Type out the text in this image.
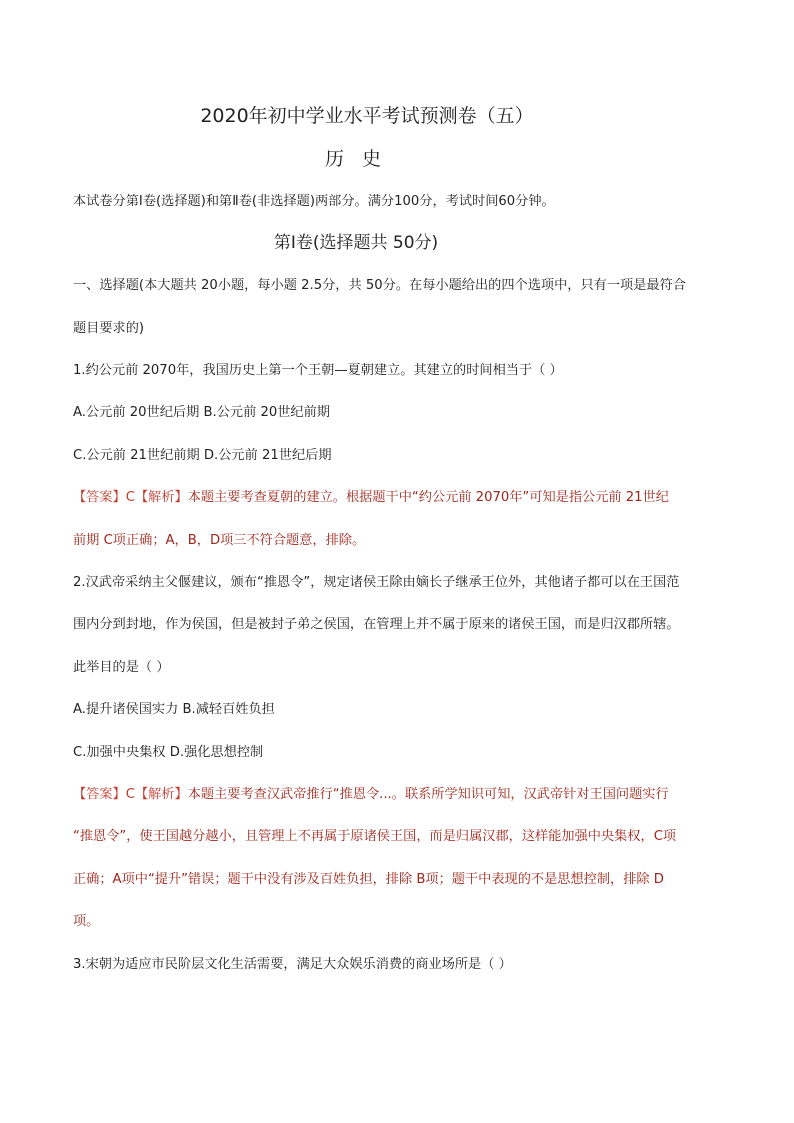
2020年初中学业水平考试预测卷（五）
历 史
本试卷分第Ⅰ卷(选择题)和第Ⅱ卷(非选择题)两部分。满分100分，考试时间60分钟。
第Ⅰ卷(选择题共 50分)
一、选择题(本大题共 20小题，每小题 2.5分，共 50分。在每小题给出的四个选项中，只有一项是最符合
题目要求的)
1.约公元前 2070年，我国历史上第一个王朝—夏朝建立。其建立的时间相当于（ ）
A.公元前 20世纪后期 B.公元前 20世纪前期
C.公元前 21世纪前期 D.公元前 21世纪后期
【答案】C【解析】本题主要考查夏朝的建立。根据题干中“约公元前 2070年”可知是指公元前 21世纪
前期 C项正确；A，B，D项三不符合题意，排除。
2.汉武帝采纳主父偃建议，颁布“推恩令”，规定诸侯王除由嫡长子继承王位外，其他诸子都可以在王国范
围内分到封地，作为侯国，但是被封子弟之侯国，在管理上并不属于原来的诸侯王国，而是归汉郡所辖。
此举目的是（ ）
A.提升诸侯国实力 B.减轻百姓负担
C.加强中央集权 D.强化思想控制
【答案】C【解析】本题主要考查汉武帝推行“推恩令...。联系所学知识可知，汉武帝针对王国问题实行
“推恩令”，使王国越分越小，且管理上不再属于原诸侯王国，而是归属汉郡，这样能加强中央集权，C项
正确；A项中“提升”错误；题干中没有涉及百姓负担，排除 B项；题干中表现的不是思想控制，排除 D
项。
3.宋朝为适应市民阶层文化生活需要，满足大众娱乐消费的商业场所是（ ）
